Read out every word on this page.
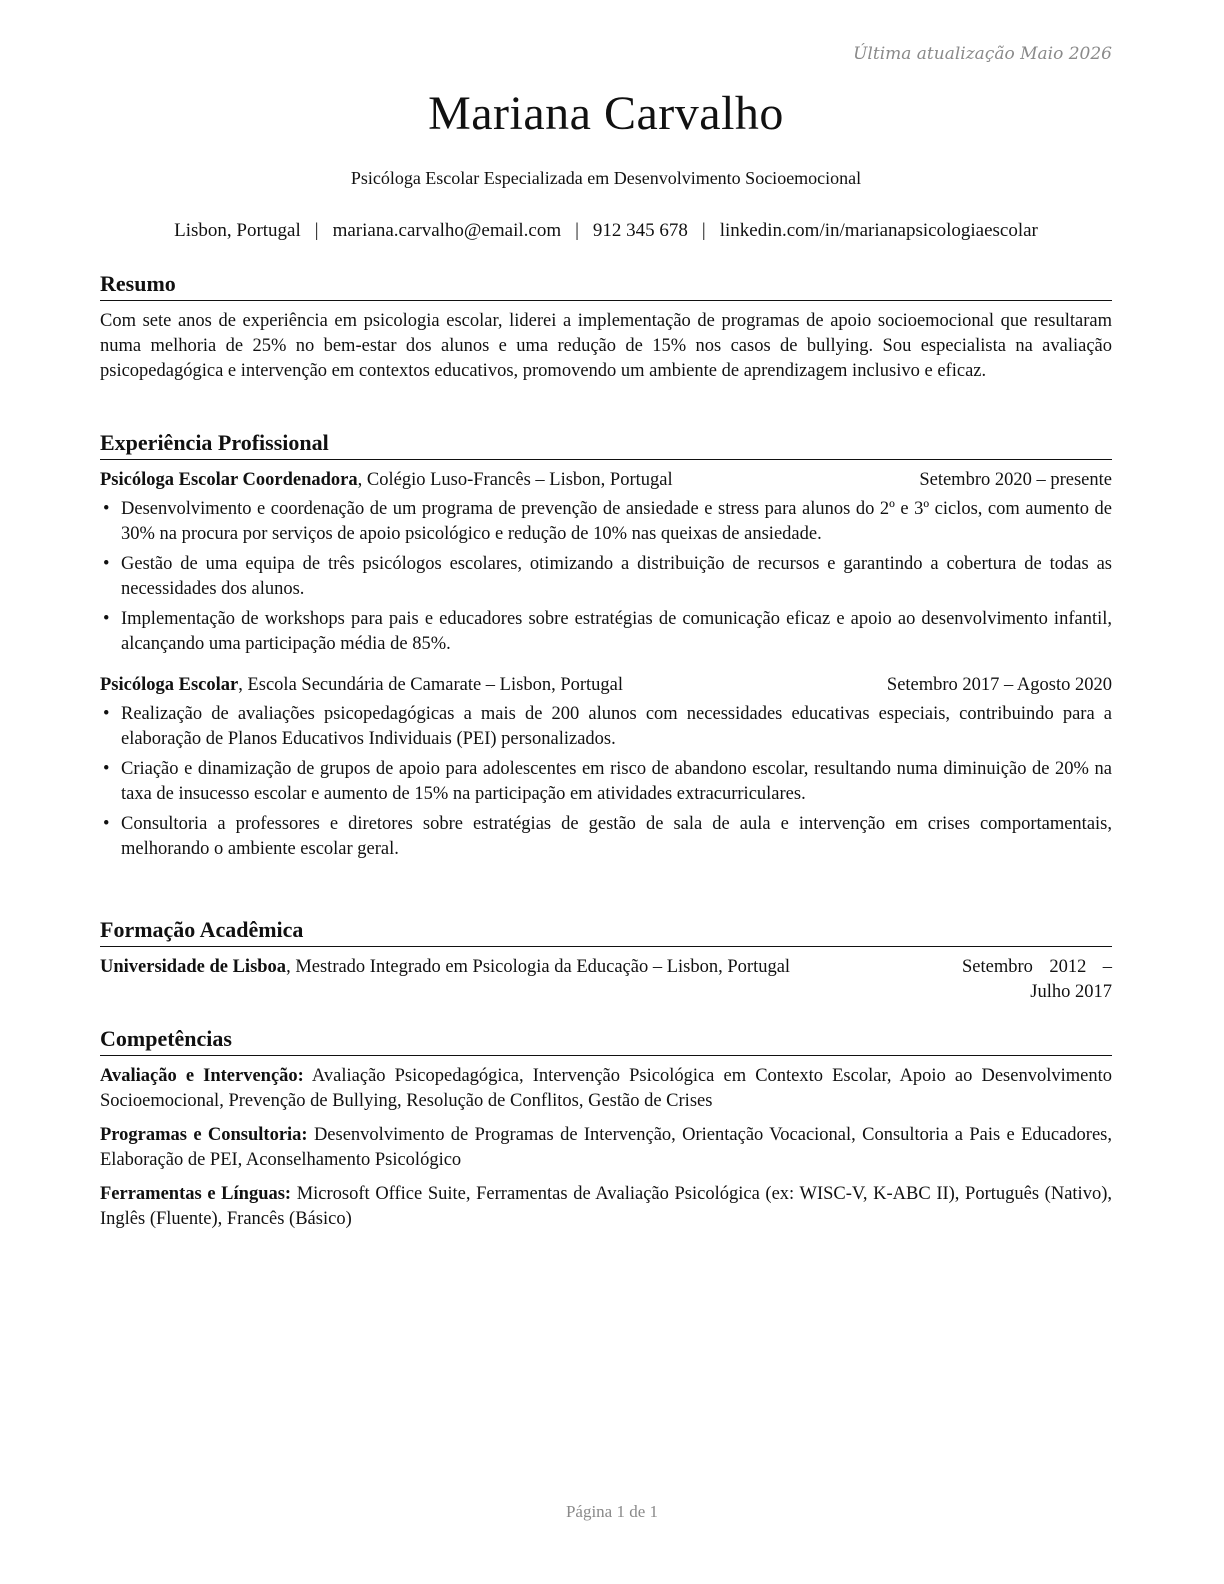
Última atualização Maio 2026
Mariana Carvalho
Psicóloga Escolar Especializada em Desenvolvimento Socioemocional
Lisbon, Portugal | mariana.carvalho@email.com | 912 345 678 | linkedin.com/in/marianapsicologiaescolar
Resumo

Com sete anos de experiência em psicologia escolar, liderei a implementação de programas de apoio socioemocional que resultaram numa melhoria de 25% no bem-estar dos alunos e uma redução de 15% nos casos de bullying. Sou especialista na avaliação psicopedagógica e intervenção em contextos educativos, promovendo um ambiente de aprendizagem inclusivo e eficaz.

Experiência Profissional
Psicóloga Escolar Coordenadora, Colégio Luso-Francês – Lisbon, Portugal	Setembro 2020 – presente
• Desenvolvimento e coordenação de um programa de prevenção de ansiedade e stress para alunos do 2º e 3º ciclos, com aumento de 30% na procura por serviços de apoio psicológico e redução de 10% nas queixas de ansiedade.
• Gestão de uma equipa de três psicólogos escolares, otimizando a distribuição de recursos e garantindo a cobertura de todas as necessidades dos alunos.
• Implementação de workshops para pais e educadores sobre estratégias de comunicação eficaz e apoio ao desenvolvimento infantil, alcançando uma participação média de 85%.
Psicóloga Escolar, Escola Secundária de Camarate – Lisbon, Portugal	Setembro 2017 – Agosto 2020
• Realização de avaliações psicopedagógicas a mais de 200 alunos com necessidades educativas especiais, contribuindo para a elaboração de Planos Educativos Individuais (PEI) personalizados.
• Criação e dinamização de grupos de apoio para adolescentes em risco de abandono escolar, resultando numa diminuição de 20% na taxa de insucesso escolar e aumento de 15% na participação em atividades extracurriculares.
• Consultoria a professores e diretores sobre estratégias de gestão de sala de aula e intervenção em crises comportamentais, melhorando o ambiente escolar geral.
Formação Acadêmica
Universidade de Lisboa, Mestrado Integrado em Psicologia da Educação – Lisbon, Portugal	Setembro 2012 – Julho 2017
Competências

Avaliação e Intervenção: Avaliação Psicopedagógica, Intervenção Psicológica em Contexto Escolar, Apoio ao Desenvolvimento Socioemocional, Prevenção de Bullying, Resolução de Conflitos, Gestão de Crises

Programas e Consultoria: Desenvolvimento de Programas de Intervenção, Orientação Vocacional, Consultoria a Pais e Educadores, Elaboração de PEI, Aconselhamento Psicológico

Ferramentas e Línguas: Microsoft Office Suite, Ferramentas de Avaliação Psicológica (ex: WISC-V, K-ABC II), Português (Nativo), Inglês (Fluente), Francês (Básico)

Página 1 de 1
